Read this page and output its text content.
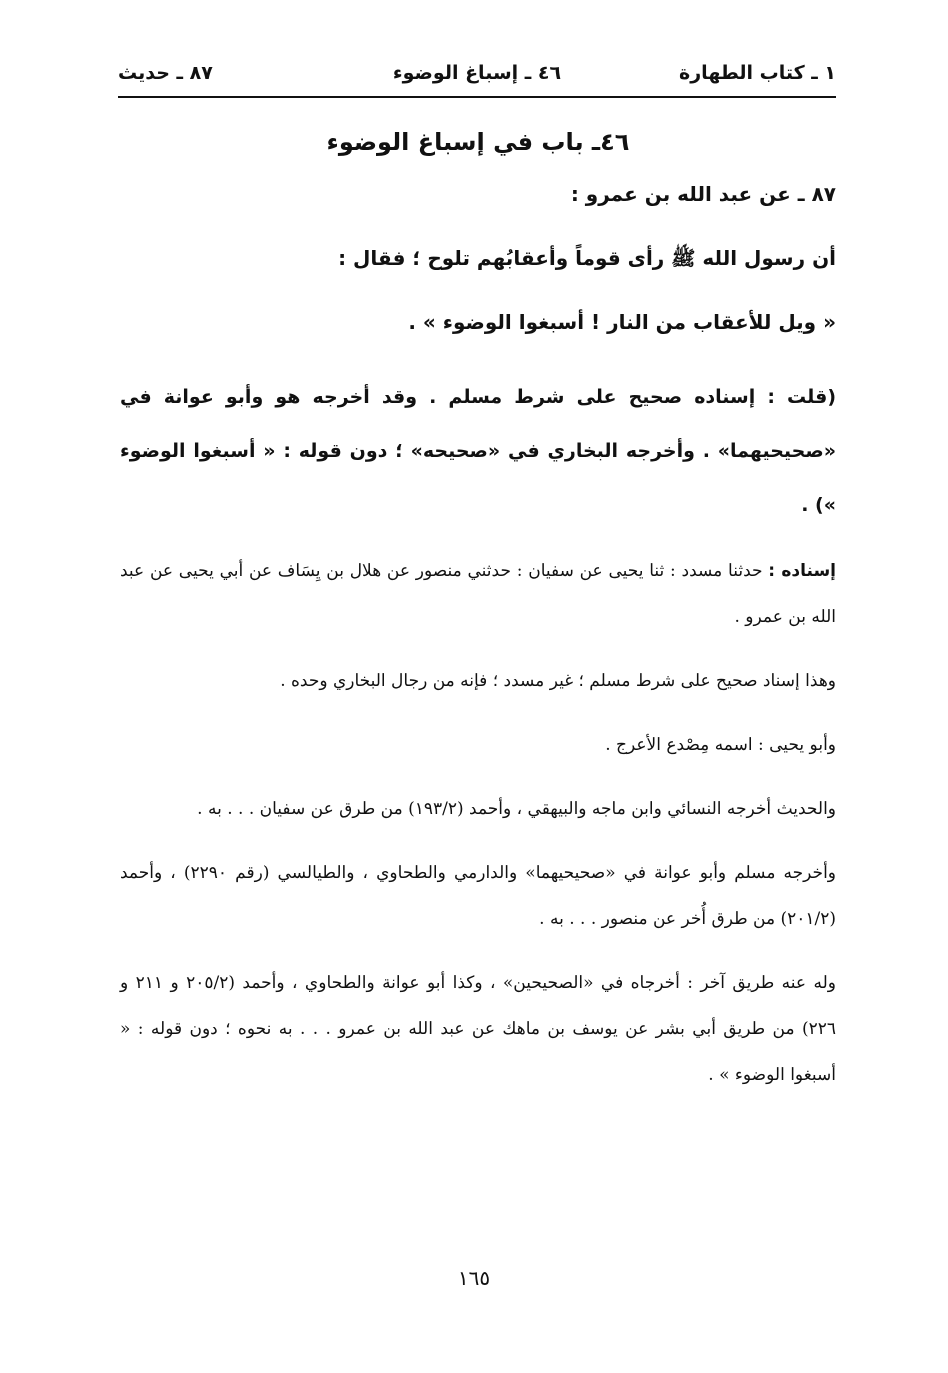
١ ـ كتاب الطهارة
٤٦ ـ إسباغ الوضوء
٨٧ ـ حديث
٤٦ـ باب في إسباغ الوضوء
٨٧ ـ عن عبد الله بن عمرو :
أن رسول الله ﷺ رأى قوماً وأعقابُهم تلوح ؛ فقال :
« ويل للأعقاب من النار ! أسبغوا الوضوء » .
(قلت : إسناده صحيح على شرط مسلم . وقد أخرجه هو وأبو عوانة في «صحيحيهما» . وأخرجه البخاري في «صحيحه» ؛ دون قوله : « أسبغوا الوضوء ») .
إسناده : حدثنا مسدد : ثنا يحيى عن سفيان : حدثني منصور عن هلال بن يِسَاف عن أبي يحيى عن عبد الله بن عمرو .
وهذا إسناد صحيح على شرط مسلم ؛ غير مسدد ؛ فإنه من رجال البخاري وحده .
وأبو يحيى : اسمه مِصْدع الأعرج .
والحديث أخرجه النسائي وابن ماجه والبيهقي ، وأحمد (١٩٣/٢) من طرق عن سفيان . . . به .
وأخرجه مسلم وأبو عوانة في «صحيحيهما» والدارمي والطحاوي ، والطيالسي (رقم ٢٢٩٠) ، وأحمد (٢٠١/٢) من طرق أُخر عن منصور . . . به .
وله عنه طريق آخر : أخرجاه في «الصحيحين» ، وكذا أبو عوانة والطحاوي ، وأحمد (٢٠٥/٢ و ٢١١ و ٢٢٦) من طريق أبي بشر عن يوسف بن ماهك عن عبد الله بن عمرو . . . به نحوه ؛ دون قوله : « أسبغوا الوضوء » .
١٦٥
